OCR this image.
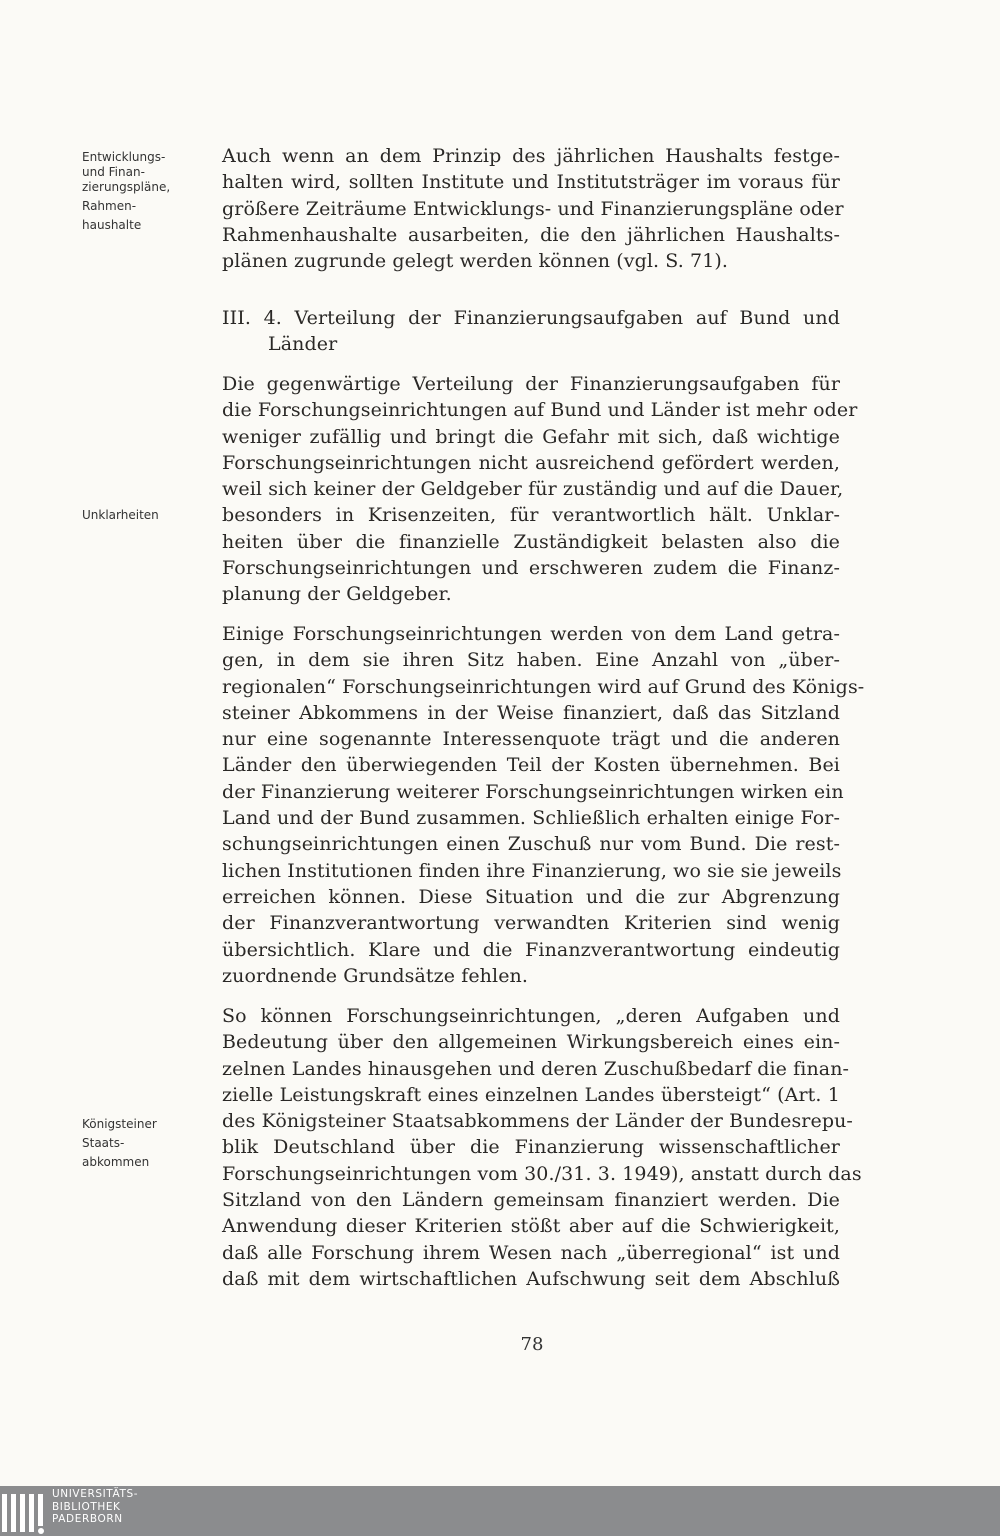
Entwicklungs-
und Finan-
zierungspläne,
Rahmen-
haushalte
Unklarheiten
Königsteiner
Staats-
abkommen
Auch wenn an dem Prinzip des jährlichen Haushalts festge-
halten wird, sollten Institute und Institutsträger im voraus für
größere Zeiträume Entwicklungs- und Finanzierungspläne oder
Rahmenhaushalte ausarbeiten, die den jährlichen Haushalts-
plänen zugrunde gelegt werden können (vgl. S. 71).
III. 4. Verteilung der Finanzierungsaufgaben auf Bund und
Länder
Die gegenwärtige Verteilung der Finanzierungsaufgaben für
die Forschungseinrichtungen auf Bund und Länder ist mehr oder
weniger zufällig und bringt die Gefahr mit sich, daß wichtige
Forschungseinrichtungen nicht ausreichend gefördert werden,
weil sich keiner der Geldgeber für zuständig und auf die Dauer,
besonders in Krisenzeiten, für verantwortlich hält. Unklar-
heiten über die finanzielle Zuständigkeit belasten also die
Forschungseinrichtungen und erschweren zudem die Finanz-
planung der Geldgeber.
Einige Forschungseinrichtungen werden von dem Land getra-
gen, in dem sie ihren Sitz haben. Eine Anzahl von „über-
regionalen“ Forschungseinrichtungen wird auf Grund des Königs-
steiner Abkommens in der Weise finanziert, daß das Sitzland
nur eine sogenannte Interessenquote trägt und die anderen
Länder den überwiegenden Teil der Kosten übernehmen. Bei
der Finanzierung weiterer Forschungseinrichtungen wirken ein
Land und der Bund zusammen. Schließlich erhalten einige For-
schungseinrichtungen einen Zuschuß nur vom Bund. Die rest-
lichen Institutionen finden ihre Finanzierung, wo sie sie jeweils
erreichen können. Diese Situation und die zur Abgrenzung
der Finanzverantwortung verwandten Kriterien sind wenig
übersichtlich. Klare und die Finanzverantwortung eindeutig
zuordnende Grundsätze fehlen.
So können Forschungseinrichtungen, „deren Aufgaben und
Bedeutung über den allgemeinen Wirkungsbereich eines ein-
zelnen Landes hinausgehen und deren Zuschußbedarf die finan-
zielle Leistungskraft eines einzelnen Landes übersteigt“ (Art. 1
des Königsteiner Staatsabkommens der Länder der Bundesrepu-
blik Deutschland über die Finanzierung wissenschaftlicher
Forschungseinrichtungen vom 30./31. 3. 1949), anstatt durch das
Sitzland von den Ländern gemeinsam finanziert werden. Die
Anwendung dieser Kriterien stößt aber auf die Schwierigkeit,
daß alle Forschung ihrem Wesen nach „überregional“ ist und
daß mit dem wirtschaftlichen Aufschwung seit dem Abschluß
78
UNIVERSITÄTS-
BIBLIOTHEK
PADERBORN
